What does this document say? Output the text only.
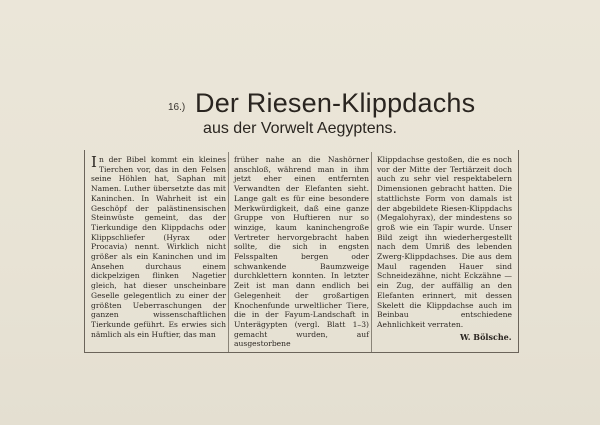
16.) Der Riesen-Klippdachs
aus der Vorwelt Aegyptens.
In der Bibel kommt ein kleines Tierchen vor, das in den Felsen seine Höhlen hat, Saphan mit Namen. Luther übersetzte das mit Kaninchen. In Wahrheit ist ein Geschöpf der palästinensischen Steinwüste gemeint, das der Tierkundige den Klippdachs oder Klippschliefer (Hyrax oder Procavia) nennt. Wirklich nicht größer als ein Kaninchen und im Ansehen durchaus einem dickpelzigen flinken Nagetier gleich, hat dieser unscheinbare Geselle gelegentlich zu einer der größten Ueberraschungen der ganzen wissenschaftlichen Tierkunde geführt. Es erwies sich nämlich als ein Huftier, das man
früher nahe an die Nashörner anschloß, während man in ihm jetzt eher einen entfernten Verwandten der Elefanten sieht. Lange galt es für eine besondere Merkwürdigkeit, daß eine ganze Gruppe von Huftieren nur so winzige, kaum kaninchengroße Vertreter hervorgebracht haben sollte, die sich in engsten Felsspalten bergen oder schwankende Baumzweige durchklettern konnten. In letzter Zeit ist man dann endlich bei Gelegenheit der großartigen Knochenfunde urweltlicher Tiere, die in der Fayum-Landschaft in Unterägypten (vergl. Blatt 1–3) gemacht wurden, auf ausgestorbene
Klippdachse gestoßen, die es noch vor der Mitte der Tertiärzeit doch auch zu sehr viel respektabelern Dimensionen gebracht hatten. Die stattlichste Form von damals ist der abgebildete Riesen-Klippdachs (Megalohyrax), der mindestens so groß wie ein Tapir wurde. Unser Bild zeigt ihn wiederhergestellt nach dem Umriß des lebenden Zwerg-Klippdachses. Die aus dem Maul ragenden Hauer sind Schneidezähne, nicht Eckzähne — ein Zug, der auffällig an den Elefanten erinnert, mit dessen Skelett die Klippdachse auch im Beinbau entschiedene Aehnlichkeit verraten.
W. Bölsche.
